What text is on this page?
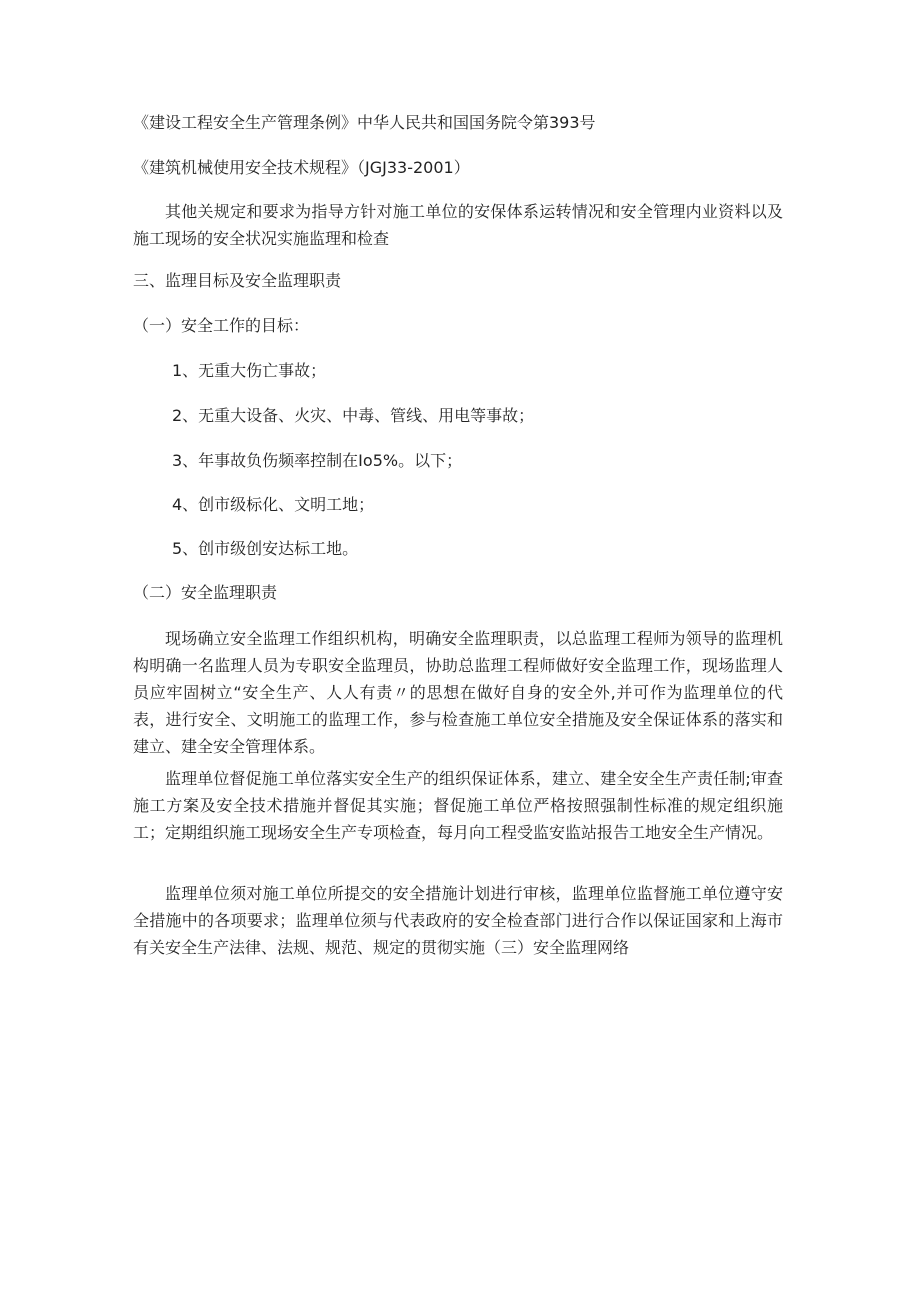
《建设工程安全生产管理条例》中华人民共和国国务院令第393号

《建筑机械使用安全技术规程》（JGJ33-2001）

其他关规定和要求为指导方针对施工单位的安保体系运转情况和安全管理内业资料以及施工现场的安全状况实施监理和检查

三、监理目标及安全监理职责

（一）安全工作的目标：

1、无重大伤亡事故；

2、无重大设备、火灾、中毒、管线、用电等事故；

3、年事故负伤频率控制在Io5%。以下；

4、创市级标化、文明工地；

5、创市级创安达标工地。

（二）安全监理职责

现场确立安全监理工作组织机构，明确安全监理职责，以总监理工程师为领导的监理机构明确一名监理人员为专职安全监理员，协助总监理工程师做好安全监理工作，现场监理人员应牢固树立“安全生产、人人有责〃的思想在做好自身的安全外,并可作为监理单位的代表，进行安全、文明施工的监理工作，参与检查施工单位安全措施及安全保证体系的落实和建立、建全安全管理体系。

监理单位督促施工单位落实安全生产的组织保证体系，建立、建全安全生产责任制;审查施工方案及安全技术措施并督促其实施；督促施工单位严格按照强制性标准的规定组织施工；定期组织施工现场安全生产专项检查，每月向工程受监安监站报告工地安全生产情况。

监理单位须对施工单位所提交的安全措施计划进行审核，监理单位监督施工单位遵守安全措施中的各项要求；监理单位须与代表政府的安全检查部门进行合作以保证国家和上海市有关安全生产法律、法规、规范、规定的贯彻实施（三）安全监理网络
